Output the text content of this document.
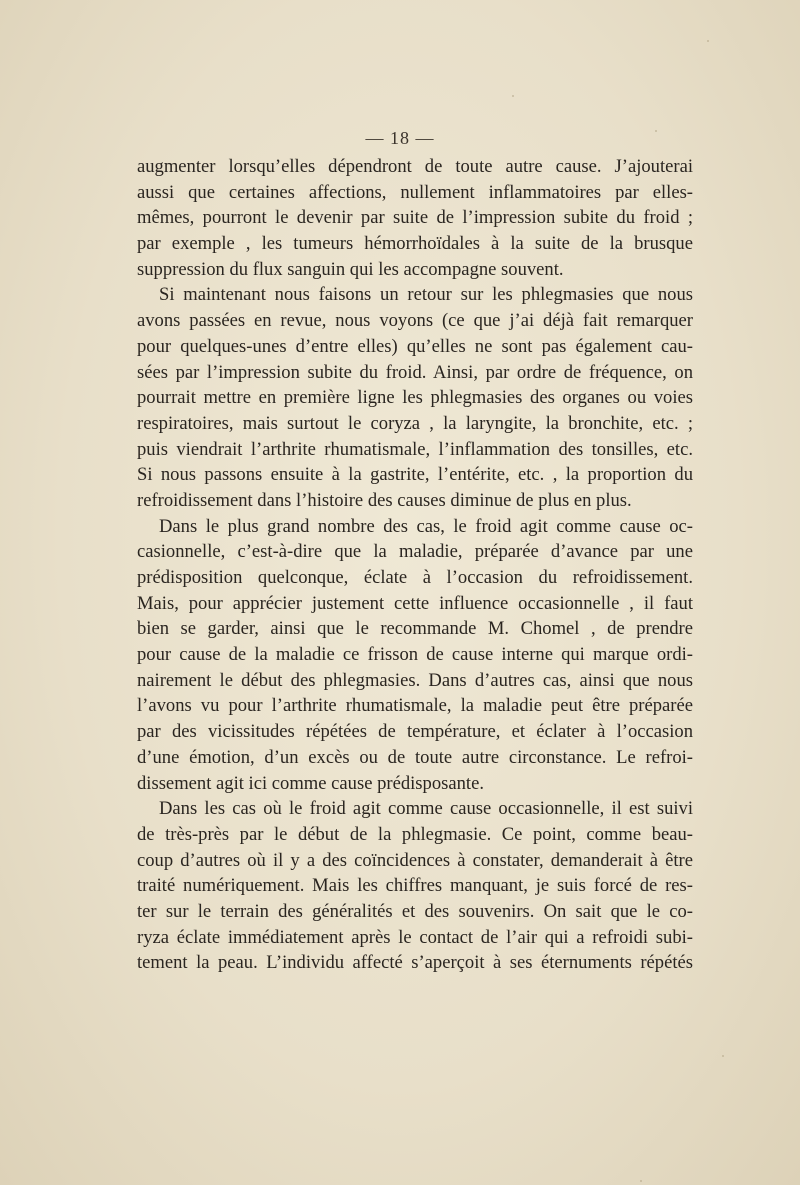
— 18 —
augmenter lorsqu’elles dépendront de toute autre cause. J’ajouterai
aussi que certaines affections, nullement inflammatoires par elles-
mêmes, pourront le devenir par suite de l’impression subite du froid ;
par exemple , les tumeurs hémorrhoïdales à la suite de la brusque
suppression du flux sanguin qui les accompagne souvent.
Si maintenant nous faisons un retour sur les phlegmasies que nous
avons passées en revue, nous voyons (ce que j’ai déjà fait remarquer
pour quelques-unes d’entre elles) qu’elles ne sont pas également cau-
sées par l’impression subite du froid. Ainsi, par ordre de fréquence, on
pourrait mettre en première ligne les phlegmasies des organes ou voies
respiratoires, mais surtout le coryza , la laryngite, la bronchite, etc. ;
puis viendrait l’arthrite rhumatismale, l’inflammation des tonsilles, etc.
Si nous passons ensuite à la gastrite, l’entérite, etc. , la proportion du
refroidissement dans l’histoire des causes diminue de plus en plus.
Dans le plus grand nombre des cas, le froid agit comme cause oc-
casionnelle, c’est-à-dire que la maladie, préparée d’avance par une
prédisposition quelconque, éclate à l’occasion du refroidissement.
Mais, pour apprécier justement cette influence occasionnelle , il faut
bien se garder, ainsi que le recommande M. Chomel , de prendre
pour cause de la maladie ce frisson de cause interne qui marque ordi-
nairement le début des phlegmasies. Dans d’autres cas, ainsi que nous
l’avons vu pour l’arthrite rhumatismale, la maladie peut être préparée
par des vicissitudes répétées de température, et éclater à l’occasion
d’une émotion, d’un excès ou de toute autre circonstance. Le refroi-
dissement agit ici comme cause prédisposante.
Dans les cas où le froid agit comme cause occasionnelle, il est suivi
de très-près par le début de la phlegmasie. Ce point, comme beau-
coup d’autres où il y a des coïncidences à constater, demanderait à être
traité numériquement. Mais les chiffres manquant, je suis forcé de res-
ter sur le terrain des généralités et des souvenirs. On sait que le co-
ryza éclate immédiatement après le contact de l’air qui a refroidi subi-
tement la peau. L’individu affecté s’aperçoit à ses éternuments répétés
